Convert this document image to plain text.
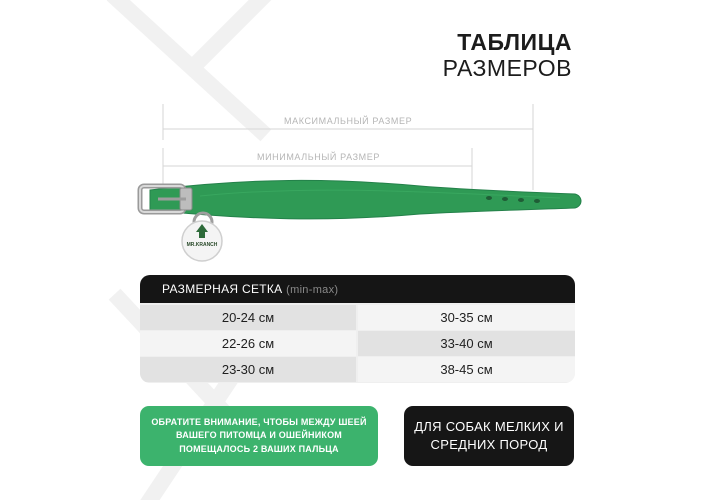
ТАБЛИЦА
РАЗМЕРОВ
МАКСИМАЛЬНЫЙ РАЗМЕР
МИНИМАЛЬНЫЙ РАЗМЕР
MR.KRANCH
РАЗМЕРНАЯ СЕТКА (min-max)
20-24 см	30-35 см
22-26 см	33-40 см
23-30 см	38-45 см
ОБРАТИТЕ ВНИМАНИЕ, ЧТОБЫ МЕЖДУ ШЕЕЙ ВАШЕГО ПИТОМЦА И ОШЕЙНИКОМ ПОМЕЩАЛОСЬ 2 ВАШИХ ПАЛЬЦА
ДЛЯ СОБАК МЕЛКИХ И СРЕДНИХ ПОРОД
